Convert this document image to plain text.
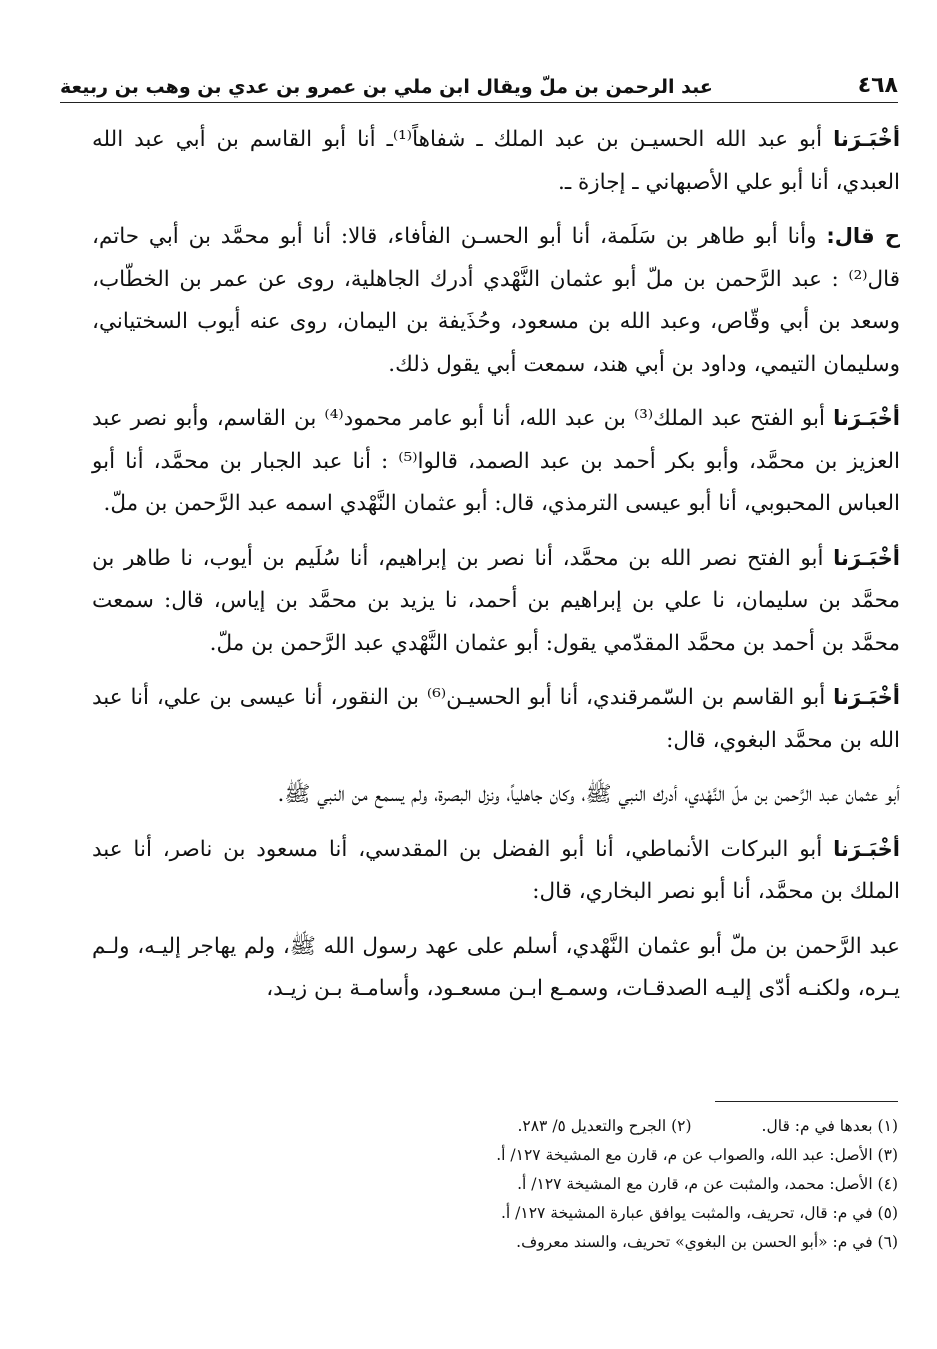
٤٦٨
عبد الرحمن بن ملّ ويقال ابن ملي بن عمرو بن عدي بن وهب بن ربيعة

أخْبَـرَنا أبو عبد الله الحسيـن بن عبد الملك ـ شفاهاً⁽¹⁾ـ أنا أبو القاسم بن أبي عبد الله العبدي، أنا أبو علي الأصبهاني ـ إجازة ـ.

ح قال: وأنا أبو طاهر بن سَلَمة، أنا أبو الحسـن الفأفاء، قالا: أنا أبو محمَّد بن أبي حاتم، قال⁽²⁾ : عبد الرَّحمن بن ملّ أبو عثمان النَّهْدي أدرك الجاهلية، روى عن عمر بن الخطّاب، وسعد بن أبي وقّاص، وعبد الله بن مسعود، وحُذَيفة بن اليمان، روى عنه أيوب السختياني، وسليمان التيمي، وداود بن أبي هند، سمعت أبي يقول ذلك.

أخْبَـرَنا أبو الفتح عبد الملك⁽³⁾ بن عبد الله، أنا أبو عامر محمود⁽⁴⁾ بن القاسم، وأبو نصر عبد العزيز بن محمَّد، وأبو بكر أحمد بن عبد الصمد، قالوا⁽⁵⁾ : أنا عبد الجبار بن محمَّد، أنا أبو العباس المحبوبي، أنا أبو عيسى الترمذي، قال: أبو عثمان النَّهْدي اسمه عبد الرَّحمن بن ملّ.

أخْبَـرَنا أبو الفتح نصر الله بن محمَّد، أنا نصر بن إبراهيم، أنا سُلَيم بن أيوب، نا طاهر بن محمَّد بن سليمان، نا علي بن إبراهيم بن أحمد، نا يزيد بن محمَّد بن إياس، قال: سمعت محمَّد بن أحمد بن محمَّد المقدّمي يقول: أبو عثمان النَّهْدي عبد الرَّحمن بن ملّ.

أخْبَـرَنا أبو القاسم بن السّمرقندي، أنا أبو الحسيـن⁽⁶⁾ بن النقور، أنا عيسى بن علي، أنا عبد الله بن محمَّد البغوي، قال:

أبو عثمان عبد الرَّحمن بن ملّ النَّهْدي، أدرك النبي ﷺ، وكان جاهلياً، ونزل البصرة، ولم يسمع من النبي ﷺ.

أخْبَـرَنا أبو البركات الأنماطي، أنا أبو الفضل بن المقدسي، أنا مسعود بن ناصر، أنا عبد الملك بن محمَّد، أنا أبو نصر البخاري، قال:

عبد الرَّحمن بن ملّ أبو عثمان النَّهْدي، أسلم على عهد رسول الله ﷺ، ولم يهاجر إليـه، ولـم يـره، ولكنـه أدّى إليـه الصدقـات، وسمـع ابـن مسعـود، وأسامـة بـن زيـد،

(١) بعدها في م: قال.
(٢) الجرح والتعديل ٥/ ٢٨٣.
(٣) الأصل: عبد الله، والصواب عن م، قارن مع المشيخة ١٢٧/ أ.
(٤) الأصل: محمد، والمثبت عن م، قارن مع المشيخة ١٢٧/ أ.
(٥) في م: قال، تحريف، والمثبت يوافق عبارة المشيخة ١٢٧/ أ.
(٦) في م: «أبو الحسن بن البغوي» تحريف، والسند معروف.
